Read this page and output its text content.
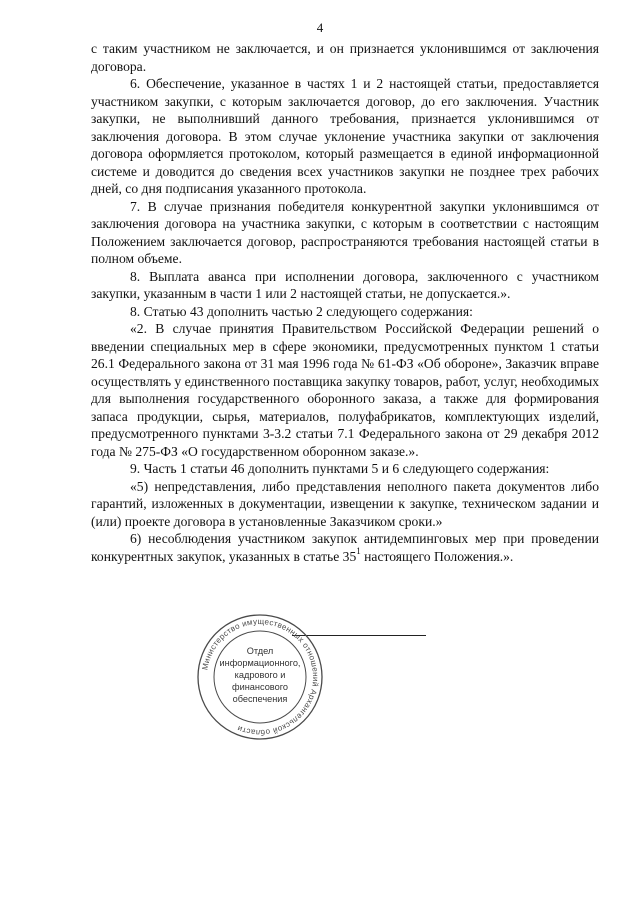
4

с таким участником не заключается, и он признается уклонившимся от заключения договора.

6. Обеспечение, указанное в частях 1 и 2 настоящей статьи, предоставляется участником закупки, с которым заключается договор, до его заключения. Участник закупки, не выполнивший данного требования, признается уклонившимся от заключения договора. В этом случае уклонение участника закупки от заключения договора оформляется протоколом, который размещается в единой информационной системе и доводится до сведения всех участников закупки не позднее трех рабочих дней, со дня подписания указанного протокола.

7. В случае признания победителя конкурентной закупки уклонившимся от заключения договора на участника закупки, с которым в соответствии с настоящим Положением заключается договор, распространяются требования настоящей статьи в полном объеме.

8. Выплата аванса при исполнении договора, заключенного с участником закупки, указанным в части 1 или 2 настоящей статьи, не допускается.».

8. Статью 43 дополнить частью 2 следующего содержания:

«2. В случае принятия Правительством Российской Федерации решений о введении специальных мер в сфере экономики, предусмотренных пунктом 1 статьи 26.1 Федерального закона от 31 мая 1996 года № 61-ФЗ «Об обороне», Заказчик вправе осуществлять у единственного поставщика закупку товаров, работ, услуг, необходимых для выполнения государственного оборонного заказа, а также для формирования запаса продукции, сырья, материалов, полуфабрикатов, комплектующих изделий, предусмотренного пунктами 3-3.2 статьи 7.1 Федерального закона от 29 декабря 2012 года № 275-ФЗ «О государственном оборонном заказе.».

9. Часть 1 статьи 46 дополнить пунктами 5 и 6 следующего содержания:

«5) непредставления, либо представления неполного пакета документов либо гарантий, изложенных в документации, извещении к закупке, техническом задании и (или) проекте договора в установленные Заказчиком сроки.»

6) несоблюдения участником закупок антидемпинговых мер при проведении конкурентных закупок, указанных в статье $35^1$ настоящего Положения.».

Министерство имущественных отношений Архангельской области
Отдел
информационного,
кадрового и
финансового
обеспечения
